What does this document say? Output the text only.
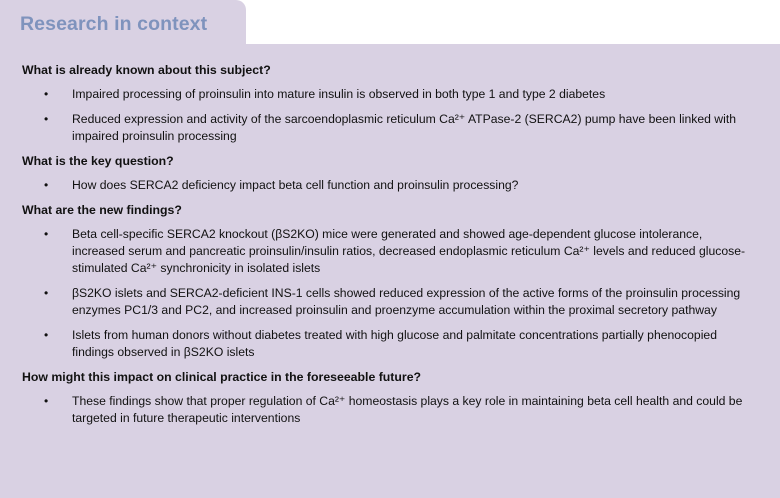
Research in context
What is already known about this subject?
• Impaired processing of proinsulin into mature insulin is observed in both type 1 and type 2 diabetes
• Reduced expression and activity of the sarcoendoplasmic reticulum Ca²⁺ ATPase-2 (SERCA2) pump have been linked with impaired proinsulin processing
What is the key question?
• How does SERCA2 deficiency impact beta cell function and proinsulin processing?
What are the new findings?
• Beta cell-specific SERCA2 knockout (βS2KO) mice were generated and showed age-dependent glucose intolerance, increased serum and pancreatic proinsulin/insulin ratios, decreased endoplasmic reticulum Ca²⁺ levels and reduced glucose-stimulated Ca²⁺ synchronicity in isolated islets
• βS2KO islets and SERCA2-deficient INS-1 cells showed reduced expression of the active forms of the proinsulin processing enzymes PC1/3 and PC2, and increased proinsulin and proenzyme accumulation within the proximal secretory pathway
• Islets from human donors without diabetes treated with high glucose and palmitate concentrations partially phenocopied findings observed in βS2KO islets
How might this impact on clinical practice in the foreseeable future?
• These findings show that proper regulation of Ca²⁺ homeostasis plays a key role in maintaining beta cell health and could be targeted in future therapeutic interventions
